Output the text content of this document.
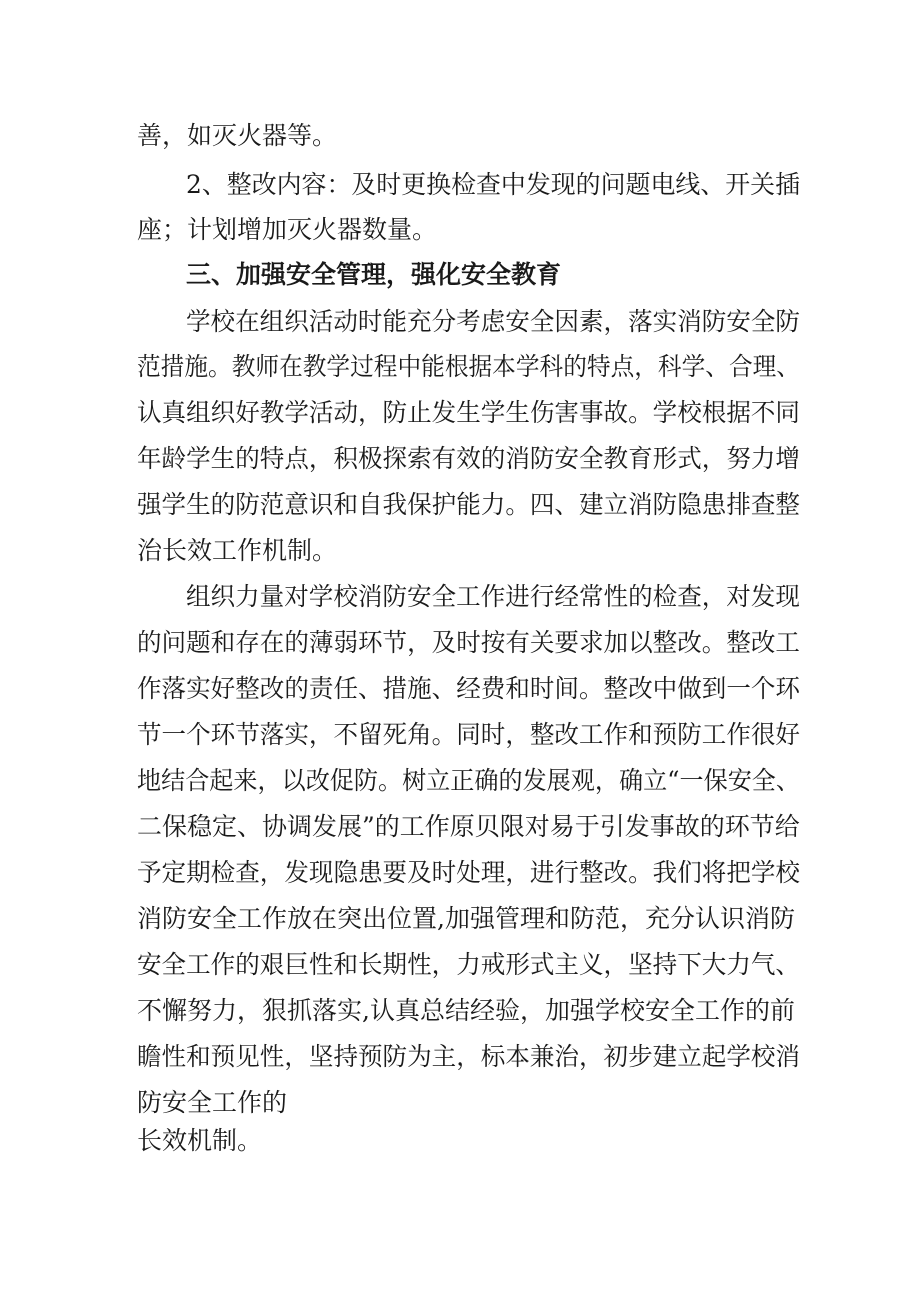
善，如灭火器等。
2、整改内容：及时更换检查中发现的问题电线、开关插
座；计划增加灭火器数量。
三、加强安全管理，强化安全教育
学校在组织活动时能充分考虑安全因素，落实消防安全防
范措施。教师在教学过程中能根据本学科的特点，科学、合理、
认真组织好教学活动，防止发生学生伤害事故。学校根据不同
年龄学生的特点，积极探索有效的消防安全教育形式，努力增
强学生的防范意识和自我保护能力。四、建立消防隐患排查整
治长效工作机制。
组织力量对学校消防安全工作进行经常性的检查，对发现
的问题和存在的薄弱环节，及时按有关要求加以整改。整改工
作落实好整改的责任、措施、经费和时间。整改中做到一个环
节一个环节落实，不留死角。同时，整改工作和预防工作很好
地结合起来，以改促防。树立正确的发展观，确立“一保安全、
二保稳定、协调发展”的工作原贝限对易于引发事故的环节给
予定期检查，发现隐患要及时处理，进行整改。我们将把学校
消防安全工作放在突出位置,加强管理和防范，充分认识消防
安全工作的艰巨性和长期性，力戒形式主义，坚持下大力气、
不懈努力，狠抓落实,认真总结经验，加强学校安全工作的前
瞻性和预见性，坚持预防为主，标本兼治，初步建立起学校消
防安全工作的
长效机制。
